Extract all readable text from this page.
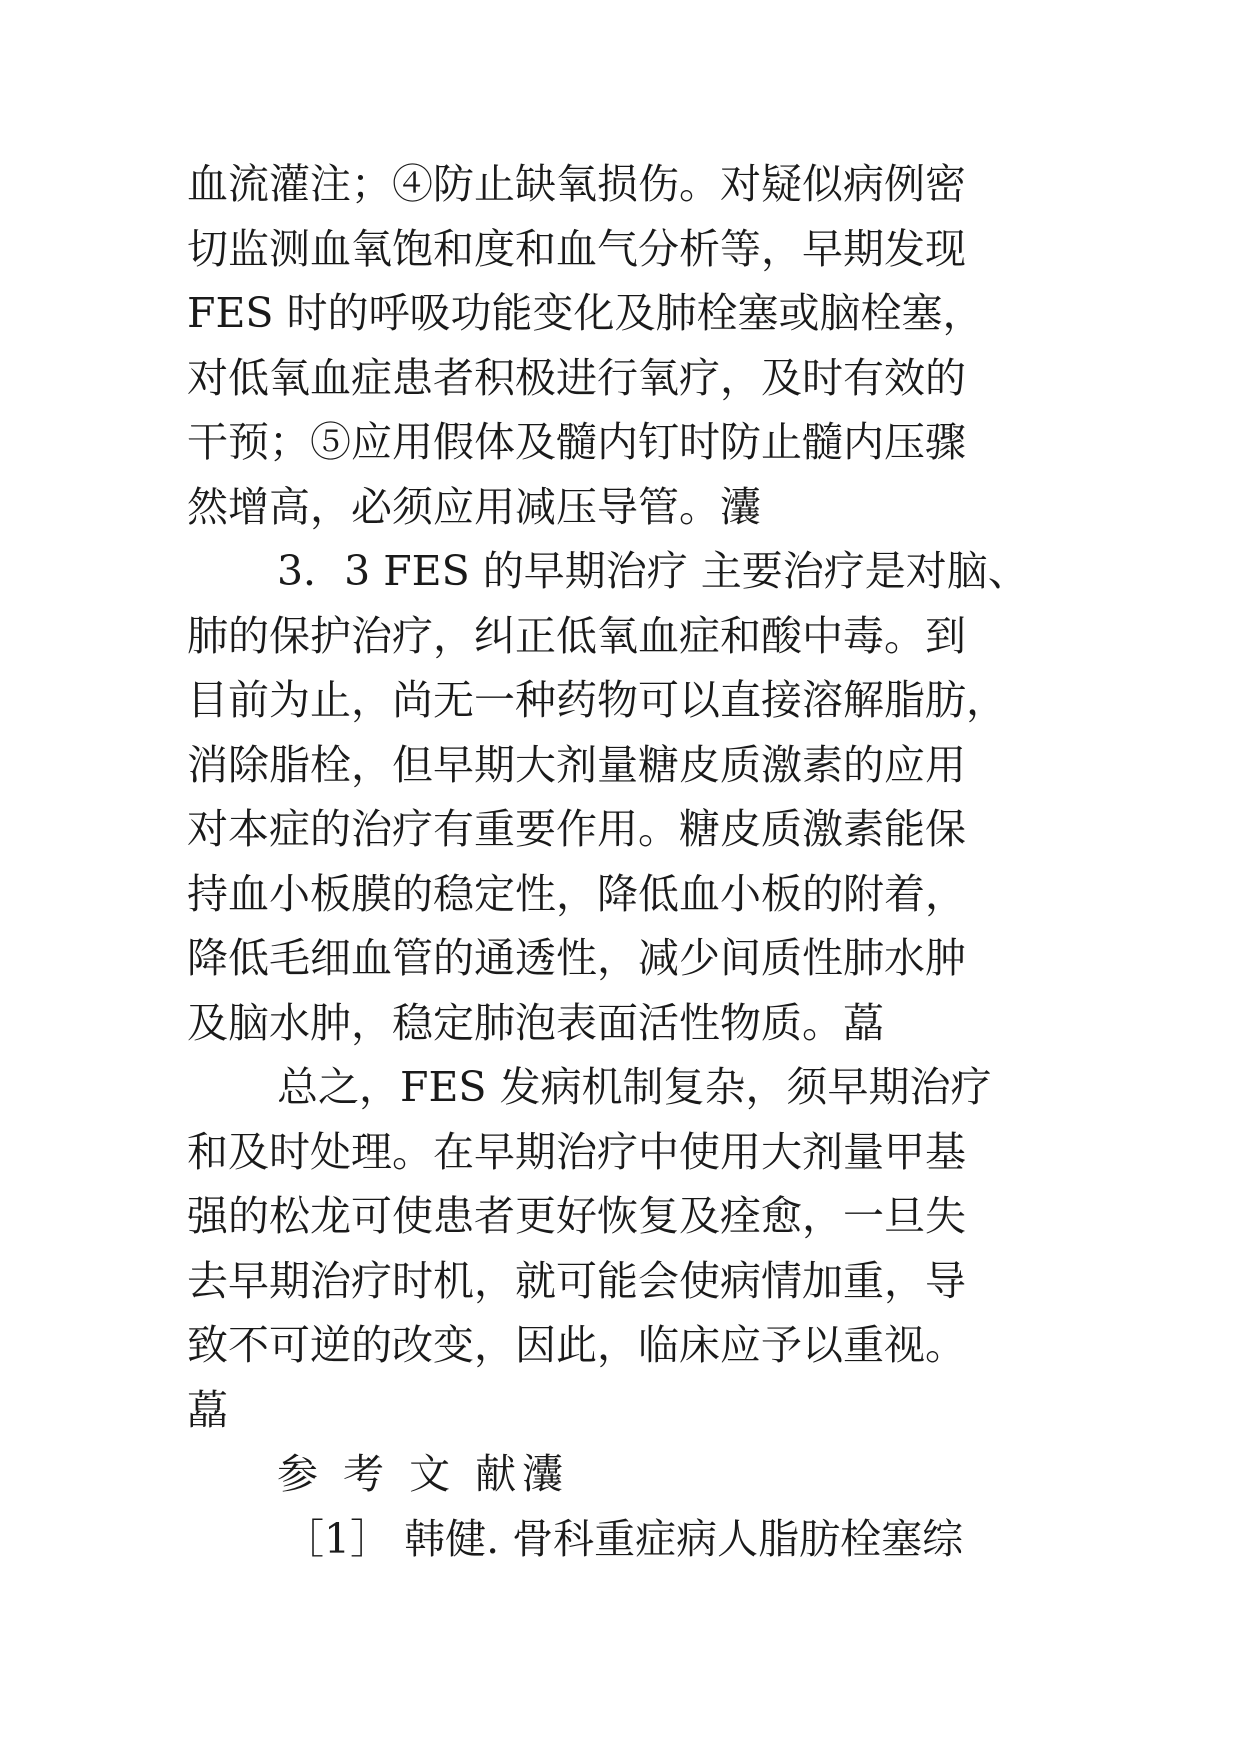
血流灌注；④防止缺氧损伤。对疑似病例密
切监测血氧饱和度和血气分析等，早期发现
FES 时的呼吸功能变化及肺栓塞或脑栓塞，
对低氧血症患者积极进行氧疗，及时有效的
干预；⑤应用假体及髓内钉时防止髓内压骤
然增高，必须应用减压导管。灢
3．3 FES 的早期治疗 主要治疗是对脑、
肺的保护治疗，纠正低氧血症和酸中毒。到
目前为止，尚无一种药物可以直接溶解脂肪，
消除脂栓，但早期大剂量糖皮质激素的应用
对本症的治疗有重要作用。糖皮质激素能保
持血小板膜的稳定性，降低血小板的附着，
降低毛细血管的通透性，减少间质性肺水肿
及脑水肿，稳定肺泡表面活性物质。藠
总之，FES 发病机制复杂，须早期治疗
和及时处理。在早期治疗中使用大剂量甲基
强的松龙可使患者更好恢复及痊愈，一旦失
去早期治疗时机，就可能会使病情加重，导
致不可逆的改变，因此，临床应予以重视。
藠
参 考 文 献灢
［1］ 韩健. 骨科重症病人脂肪栓塞综
